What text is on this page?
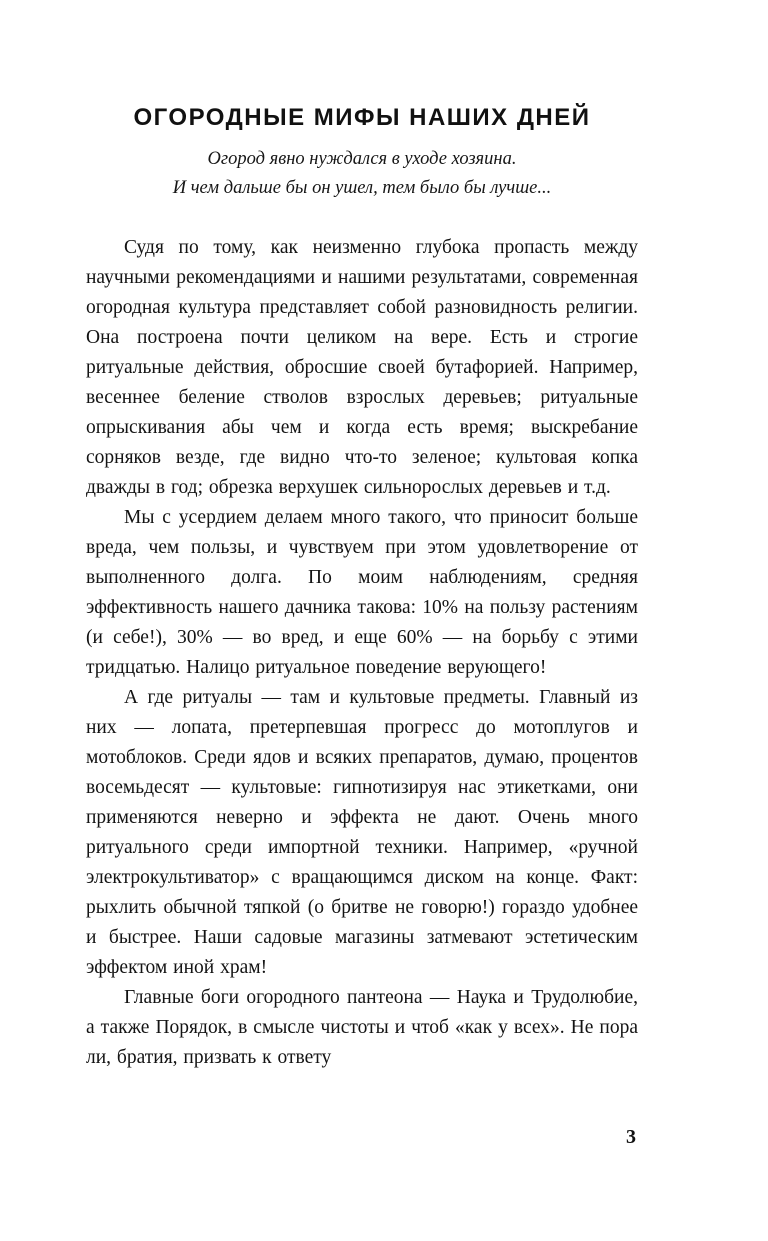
ОГОРОДНЫЕ МИФЫ НАШИХ ДНЕЙ
Огород явно нуждался в уходе хозяина.
И чем дальше бы он ушел, тем было бы лучше...

Судя по тому, как неизменно глубока пропасть между научными рекомендациями и нашими результатами, современная огородная культура представляет собой разновидность религии. Она построена почти целиком на вере. Есть и строгие ритуальные действия, обросшие своей бутафорией. Например, весеннее беление стволов взрослых деревьев; ритуальные опрыскивания абы чем и когда есть время; выскребание сорняков везде, где видно что-то зеленое; культовая копка дважды в год; обрезка верхушек сильнорослых деревьев и т.д.

Мы с усердием делаем много такого, что приносит больше вреда, чем пользы, и чувствуем при этом удовлетворение от выполненного долга. По моим наблюдениям, средняя эффективность нашего дачника такова: 10% на пользу растениям (и себе!), 30% — во вред, и еще 60% — на борьбу с этими тридцатью. Налицо ритуальное поведение верующего!

А где ритуалы — там и культовые предметы. Главный из них — лопата, претерпевшая прогресс до мотоплугов и мотоблоков. Среди ядов и всяких препаратов, думаю, процентов восемьдесят — культовые: гипнотизируя нас этикетками, они применяются неверно и эффекта не дают. Очень много ритуального среди импортной техники. Например, «ручной электрокультиватор» с вращающимся диском на конце. Факт: рыхлить обычной тяпкой (о бритве не говорю!) гораздо удобнее и быстрее. Наши садовые магазины затмевают эстетическим эффектом иной храм!

Главные боги огородного пантеона — Наука и Трудолюбие, а также Порядок, в смысле чистоты и чтоб «как у всех». Не пора ли, братия, призвать к ответу

3
